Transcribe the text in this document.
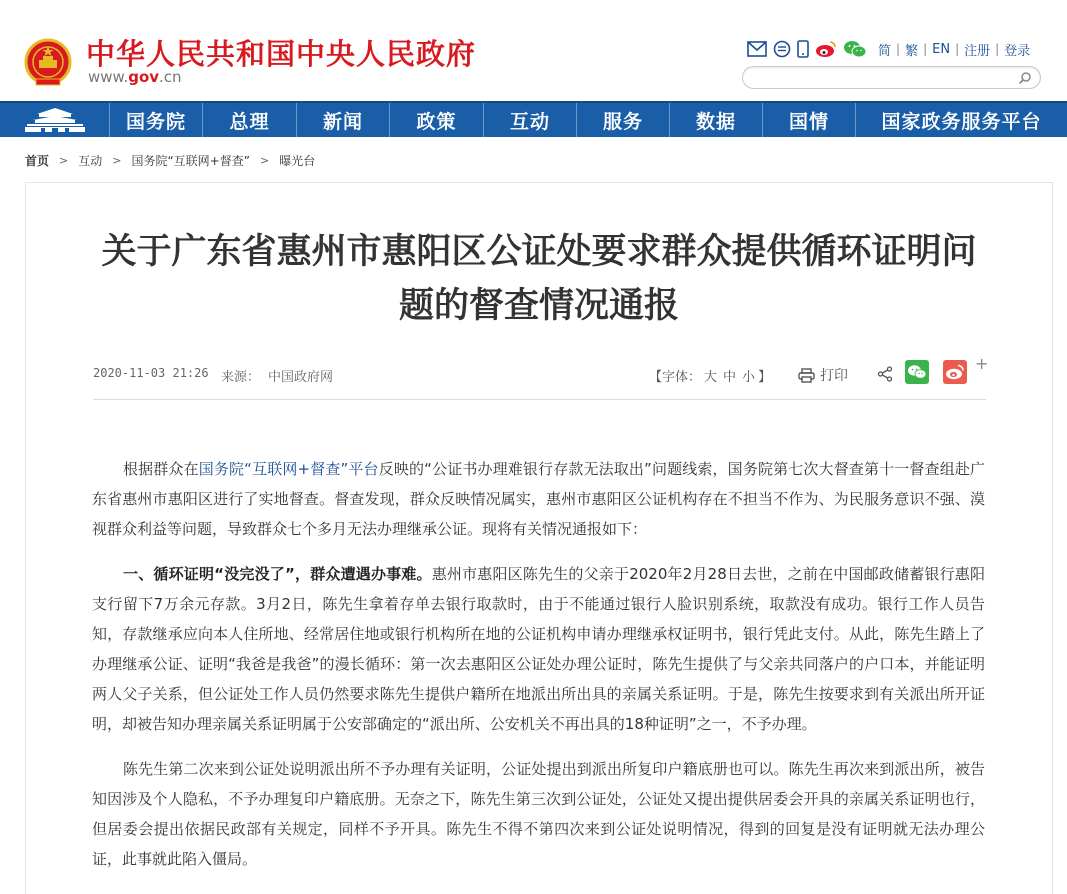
中华人民共和国中央人民政府
www.gov.cn
简 | 繁 | EN | 注册 | 登录
国务院	总理	新闻	政策	互动	服务	数据	国情	国家政务服务平台
首页 > 互动 > 国务院“互联网+督查” > 曝光台
关于广东省惠州市惠阳区公证处要求群众提供循环证明问题的督查情况通报
2020-11-03 21:26 来源： 中国政府网	【字体： 大 中 小 】	打印
+

根据群众在国务院“互联网+督查”平台反映的“公证书办理难银行存款无法取出”问题线索，国务院第七次大督查第十一督查组赴广东省惠州市惠阳区进行了实地督查。督查发现，群众反映情况属实，惠州市惠阳区公证机构存在不担当不作为、为民服务意识不强、漠视群众利益等问题，导致群众七个多月无法办理继承公证。现将有关情况通报如下：

一、循环证明“没完没了”，群众遭遇办事难。惠州市惠阳区陈先生的父亲于2020年2月28日去世，之前在中国邮政储蓄银行惠阳支行留下7万余元存款。3月2日，陈先生拿着存单去银行取款时，由于不能通过银行人脸识别系统，取款没有成功。银行工作人员告知，存款继承应向本人住所地、经常居住地或银行机构所在地的公证机构申请办理继承权证明书，银行凭此支付。从此，陈先生踏上了办理继承公证、证明“我爸是我爸”的漫长循环：第一次去惠阳区公证处办理公证时，陈先生提供了与父亲共同落户的户口本，并能证明两人父子关系，但公证处工作人员仍然要求陈先生提供户籍所在地派出所出具的亲属关系证明。于是，陈先生按要求到有关派出所开证明，却被告知办理亲属关系证明属于公安部确定的“派出所、公安机关不再出具的18种证明”之一，不予办理。

陈先生第二次来到公证处说明派出所不予办理有关证明，公证处提出到派出所复印户籍底册也可以。陈先生再次来到派出所，被告知因涉及个人隐私，不予办理复印户籍底册。无奈之下，陈先生第三次到公证处，公证处又提出提供居委会开具的亲属关系证明也行，但居委会提出依据民政部有关规定，同样不予开具。陈先生不得不第四次来到公证处说明情况，得到的回复是没有证明就无法办理公证，此事就此陷入僵局。
